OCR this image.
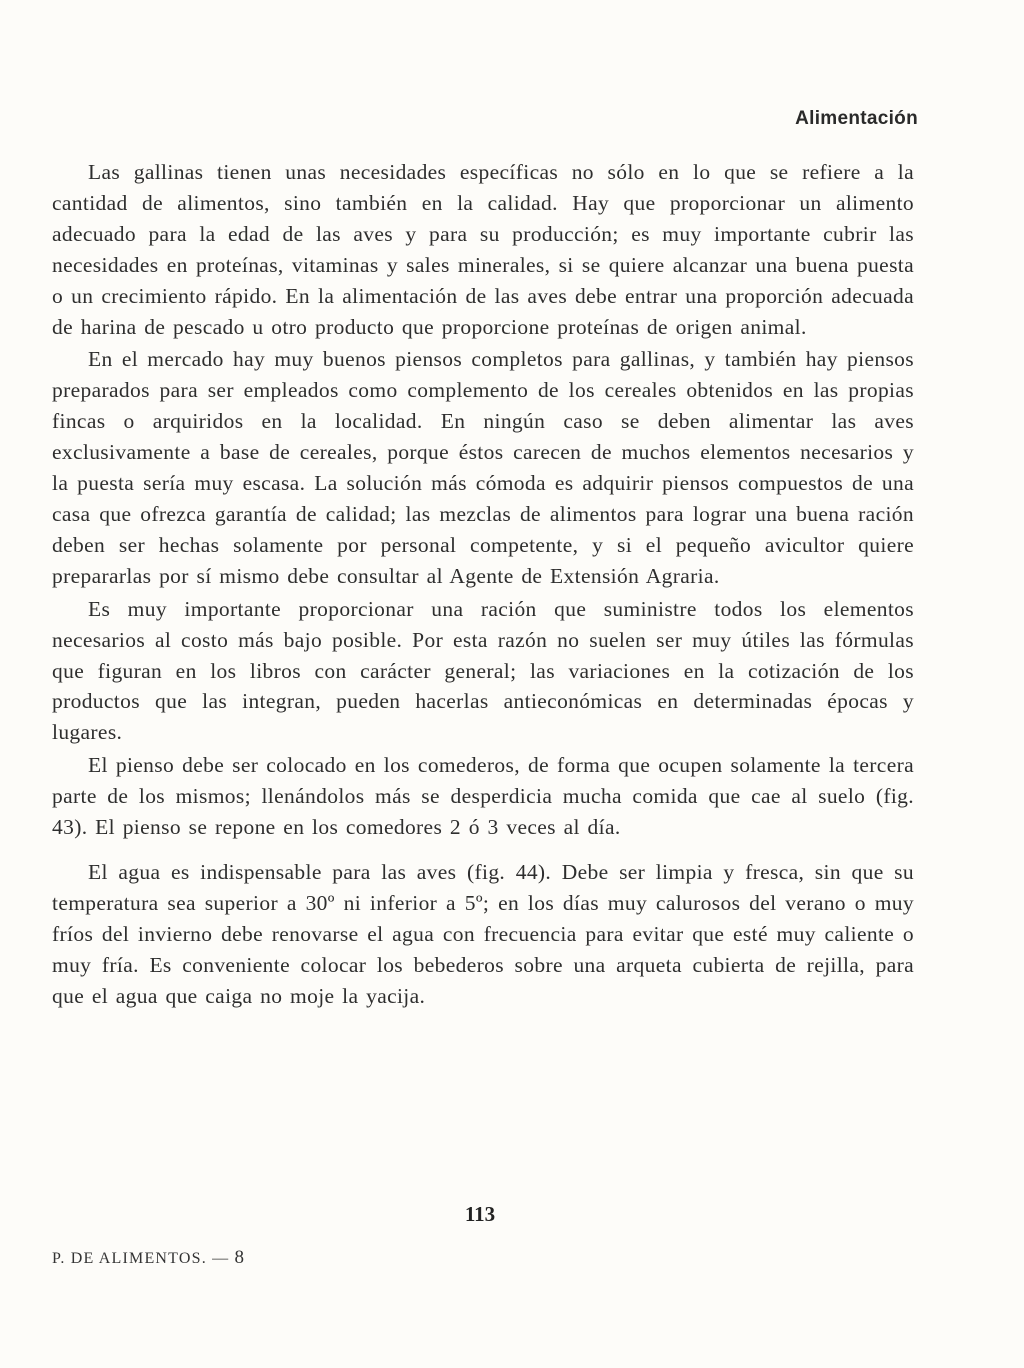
Alimentación

Las gallinas tienen unas necesidades específicas no sólo en lo que se refiere a la cantidad de alimentos, sino también en la calidad. Hay que proporcionar un alimento adecuado para la edad de las aves y para su producción; es muy importante cubrir las necesidades en proteínas, vitaminas y sales minerales, si se quiere alcanzar una buena puesta o un crecimiento rápido. En la alimentación de las aves debe entrar una proporción adecuada de harina de pescado u otro producto que proporcione proteínas de origen animal.

En el mercado hay muy buenos piensos completos para gallinas, y también hay piensos preparados para ser empleados como complemento de los cereales obtenidos en las propias fincas o arquiridos en la localidad. En ningún caso se deben alimentar las aves exclusivamente a base de cereales, porque éstos carecen de muchos elementos necesarios y la puesta sería muy escasa. La solución más cómoda es adquirir piensos compuestos de una casa que ofrezca garantía de calidad; las mezclas de alimentos para lograr una buena ración deben ser hechas solamente por personal competente, y si el pequeño avicultor quiere prepararlas por sí mismo debe consultar al Agente de Extensión Agraria.

Es muy importante proporcionar una ración que suministre todos los elementos necesarios al costo más bajo posible. Por esta razón no suelen ser muy útiles las fórmulas que figuran en los libros con carácter general; las variaciones en la cotización de los productos que las integran, pueden hacerlas antieconómicas en determinadas épocas y lugares.

El pienso debe ser colocado en los comederos, de forma que ocupen solamente la tercera parte de los mismos; llenándolos más se desperdicia mucha comida que cae al suelo (fig. 43). El pienso se repone en los comedores 2 ó 3 veces al día.

El agua es indispensable para las aves (fig. 44). Debe ser limpia y fresca, sin que su temperatura sea superior a 30º ni inferior a 5º; en los días muy calurosos del verano o muy fríos del invierno debe renovarse el agua con frecuencia para evitar que esté muy caliente o muy fría. Es conveniente colocar los bebederos sobre una arqueta cubierta de rejilla, para que el agua que caiga no moje la yacija.

113

P. DE ALIMENTOS. — 8
